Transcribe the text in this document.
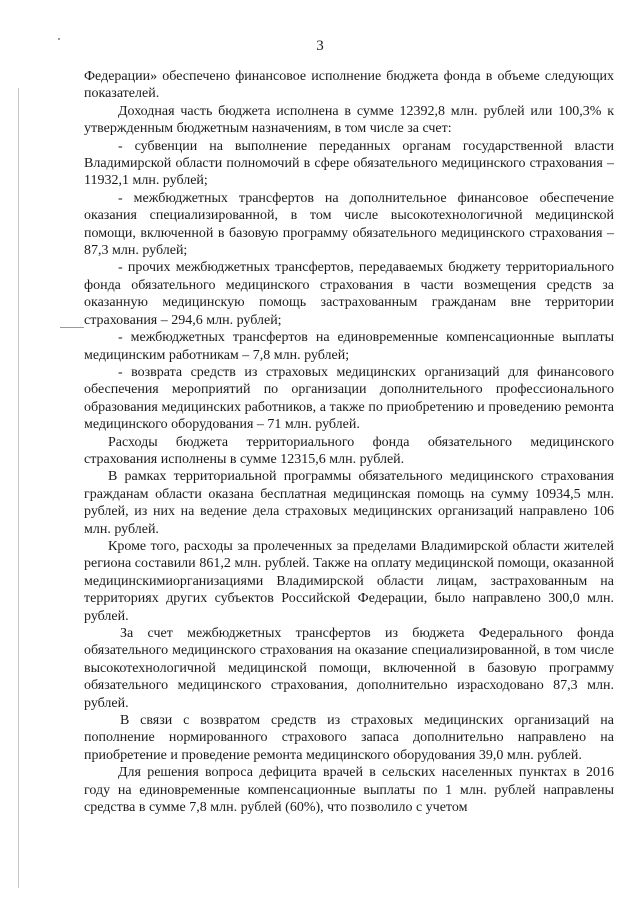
3

Федерации» обеспечено финансовое исполнение бюджета фонда в объеме следующих показателей.

Доходная часть бюджета исполнена в сумме 12392,8 млн. рублей или 100,3% к утвержденным бюджетным назначениям, в том числе за счет:

- субвенции на выполнение переданных органам государственной власти Владимирской области полномочий в сфере обязательного медицинского страхования – 11932,1 млн. рублей;

- межбюджетных трансфертов на дополнительное финансовое обеспечение оказания специализированной, в том числе высокотехнологичной медицинской помощи, включенной в базовую программу обязательного медицинского страхования – 87,3 млн. рублей;

- прочих межбюджетных трансфертов, передаваемых бюджету территориального фонда обязательного медицинского страхования в части возмещения средств за оказанную медицинскую помощь застрахованным гражданам вне территории страхования – 294,6 млн. рублей;

- межбюджетных трансфертов на единовременные компенсационные выплаты медицинским работникам – 7,8 млн. рублей;

- возврата средств из страховых медицинских организаций для финансового обеспечения мероприятий по организации дополнительного профессионального образования медицинских работников, а также по приобретению и проведению ремонта медицинского оборудования – 71 млн. рублей.

Расходы бюджета территориального фонда обязательного медицинского страхования исполнены в сумме 12315,6 млн. рублей.

В рамках территориальной программы обязательного медицинского страхования гражданам области оказана бесплатная медицинская помощь на сумму 10934,5 млн. рублей, из них на ведение дела страховых медицинских организаций направлено 106 млн. рублей.

Кроме того, расходы за пролеченных за пределами Владимирской области жителей региона составили 861,2 млн. рублей. Также на оплату медицинской помощи, оказанной медицинскимиорганизациями Владимирской области лицам, застрахованным на территориях других субъектов Российской Федерации, было направлено 300,0 млн. рублей.

За счет межбюджетных трансфертов из бюджета Федерального фонда обязательного медицинского страхования на оказание специализированной, в том числе высокотехнологичной медицинской помощи, включенной в базовую программу обязательного медицинского страхования, дополнительно израсходовано 87,3 млн. рублей.

В связи с возвратом средств из страховых медицинских организаций на пополнение нормированного страхового запаса дополнительно направлено на приобретение и проведение ремонта медицинского оборудования 39,0 млн. рублей.

Для решения вопроса дефицита врачей в сельских населенных пунктах в 2016 году на единовременные компенсационные выплаты по 1 млн. рублей направлены средства в сумме 7,8 млн. рублей (60%), что позволило с учетом
